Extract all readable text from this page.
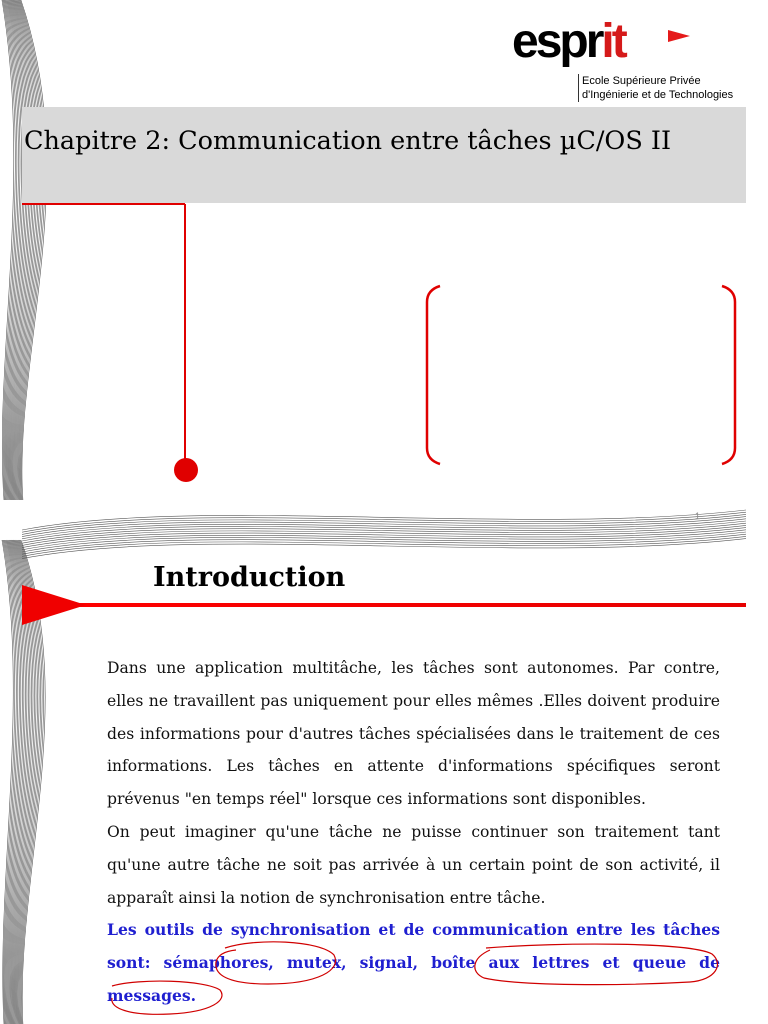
esprit
Ecole Supérieure Privée
d'Ingénierie et de Technologies
Chapitre 2: Communication entre tâches µC/OS II
1
Introduction

Dans une application multitâche, les tâches sont autonomes. Par contre, elles ne travaillent pas uniquement pour elles mêmes .Elles doivent produire des informations pour d'autres tâches spécialisées dans le traitement de ces informations. Les tâches en attente d'informations spécifiques seront prévenus "en temps réel" lorsque ces informations sont disponibles.

On peut imaginer qu'une tâche ne puisse continuer son traitement tant qu'une autre tâche ne soit pas arrivée à un certain point de son activité, il apparaît ainsi la notion de synchronisation entre tâche.

Les outils de synchronisation et de communication entre les tâches sont: sémaphores, mutex, signal, boîte aux lettres et queue de messages.
